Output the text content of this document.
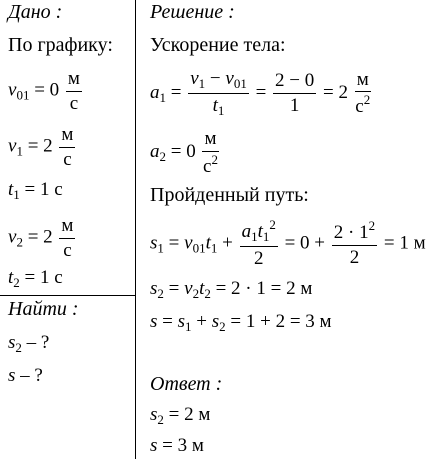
Дано :
По графику:
$v_{01} = 0 \frac{м}{с}$
$v_1 = 2 \frac{м}{с}$
$t_1 = 1$ с
$v_2 = 2 \frac{м}{с}$
$t_2 = 1$ с
Найти :
$s_2$ – ?
s – ?
Решение :
Ускорение тела:
$a_1 = \frac{v_1 - v_{01}}{t_1} = \frac{2 - 0}{1} = 2 \frac{м}{с^2}$
$a_2 = 0 \frac{м}{с^2}$
Пройденный путь:
$s_1 = v_{01}t_1 + \frac{a_1t_1^2}{2} = 0 + \frac{2 \cdot 1^2}{2} = 1$ м
$s_2 = v_2t_2 = 2 \cdot 1 = 2$ м
$s = s_1 + s_2 = 1 + 2 = 3$ м
Ответ :
$s_2 = 2$ м
s = 3 м
